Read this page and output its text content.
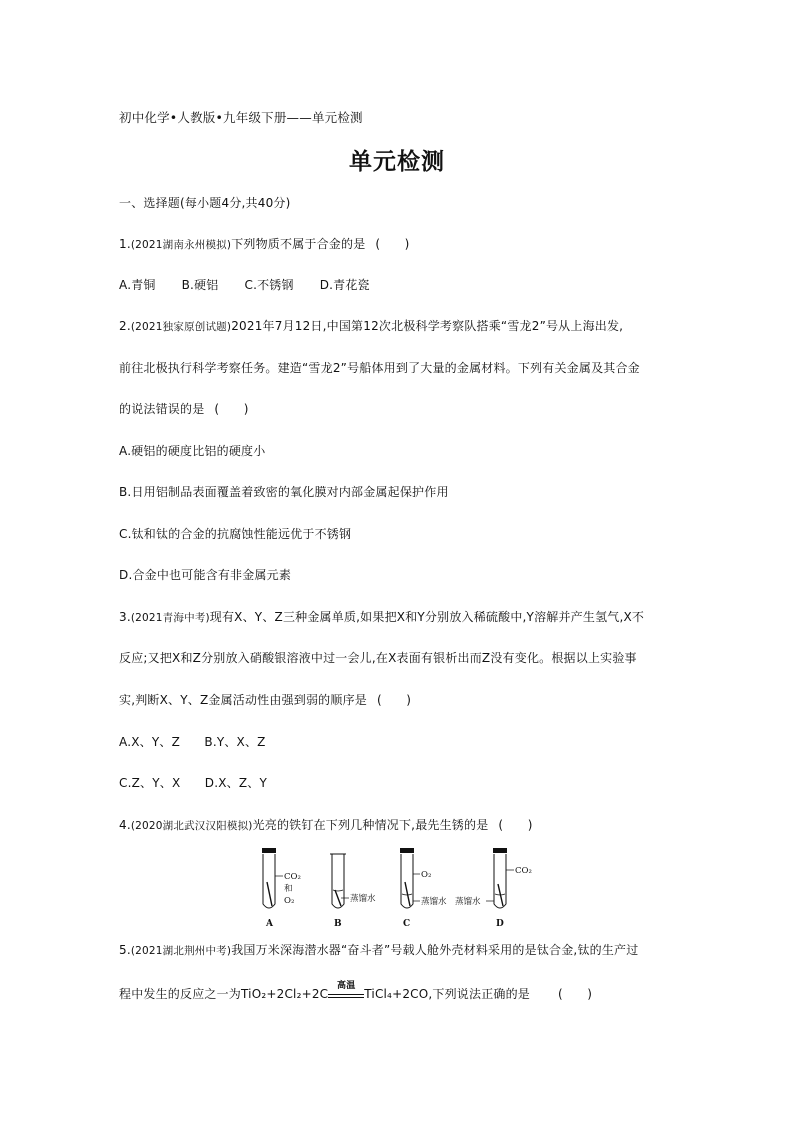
初中化学•人教版•九年级下册——单元检测
单元检测
一、选择题(每小题4分,共40分)
1.(2021湖南永州模拟)下列物质不属于合金的是 (　　)
A.青铜 B.硬铝 C.不锈钢 D.青花瓷
2.(2021独家原创试题)2021年7月12日,中国第12次北极科学考察队搭乘“雪龙2”号从上海出发,
前往北极执行科学考察任务。建造“雪龙2”号船体用到了大量的金属材料。下列有关金属及其合金
的说法错误的是 (　　)
A.硬铝的硬度比铝的硬度小
B.日用铝制品表面覆盖着致密的氧化膜对内部金属起保护作用
C.钛和钛的合金的抗腐蚀性能远优于不锈钢
D.合金中也可能含有非金属元素
3.(2021青海中考)现有X、Y、Z三种金属单质,如果把X和Y分别放入稀硫酸中,Y溶解并产生氢气,X不
反应;又把X和Z分别放入硝酸银溶液中过一会儿,在X表面有银析出而Z没有变化。根据以上实验事
实,判断X、Y、Z金属活动性由强到弱的顺序是 (　　)
A.X、Y、Z　　B.Y、X、Z
C.Z、Y、X　　D.X、Z、Y
4.(2020湖北武汉汉阳模拟)光亮的铁钉在下列几种情况下,最先生锈的是 (　　)
CO₂
和
O₂
A
蒸馏水
B
O₂
蒸馏水
C
CO₂
蒸馏水
D
5.(2021湖北荆州中考)我国万米深海潜水器“奋斗者”号载人舱外壳材料采用的是钛合金,钛的生产过
程中发生的反应之一为TiO₂+2Cl₂+2C
高温
TiCl₄+2CO,下列说法正确的是 (　　)
